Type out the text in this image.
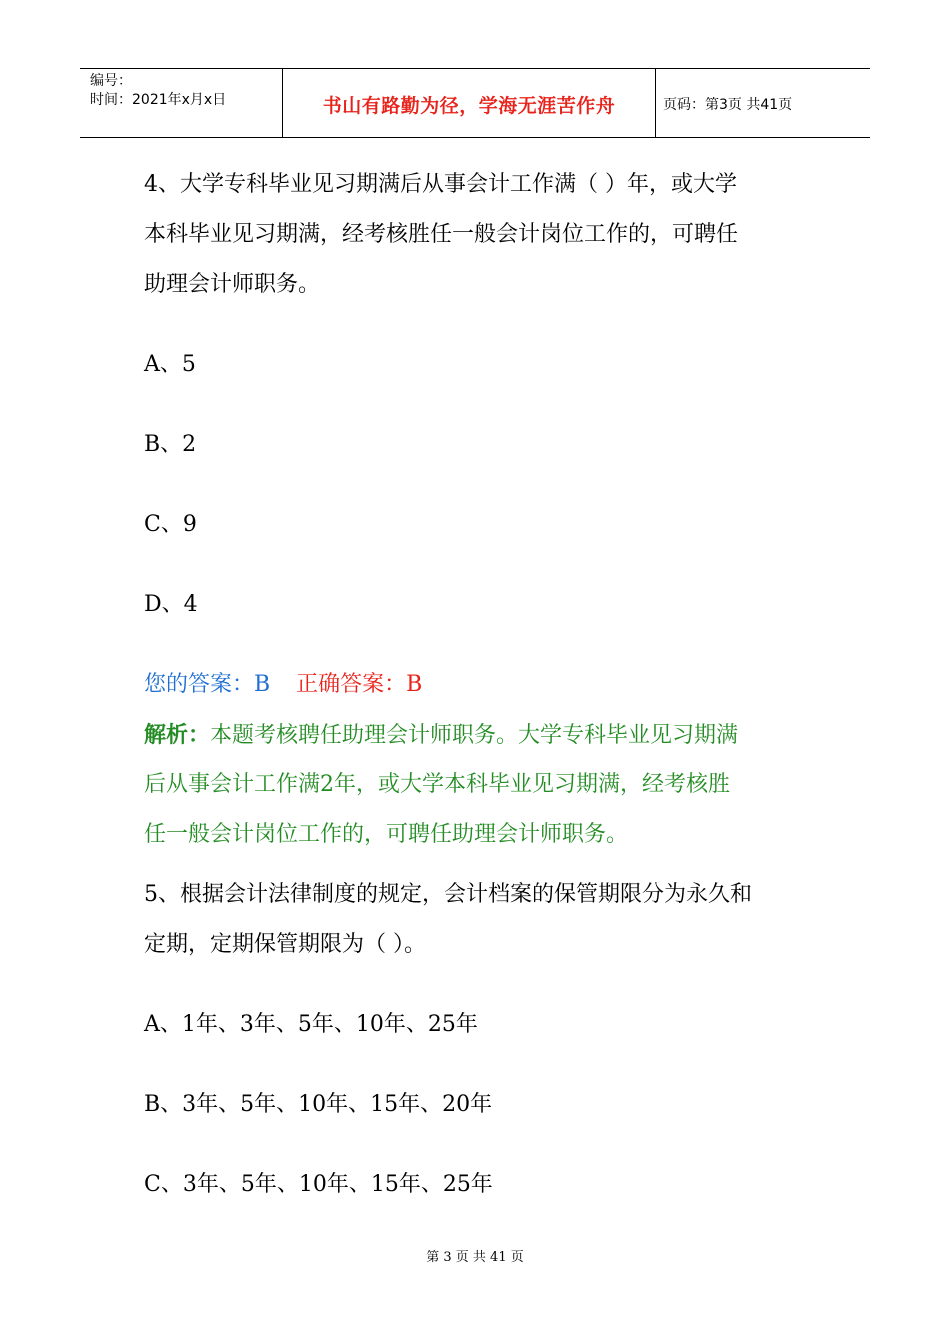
编号：
时间：2021年x月x日	书山有路勤为径，学海无涯苦作舟	页码：第3页 共41页
4、大学专科毕业见习期满后从事会计工作满（ ）年，或大学
本科毕业见习期满，经考核胜任一般会计岗位工作的，可聘任
助理会计师职务。
A、5
B、2
C、9
D、4
您的答案：B 正确答案：B
解析：本题考核聘任助理会计师职务。大学专科毕业见习期满
后从事会计工作满2年，或大学本科毕业见习期满，经考核胜
任一般会计岗位工作的，可聘任助理会计师职务。
5、根据会计法律制度的规定，会计档案的保管期限分为永久和
定期，定期保管期限为（ ）。
A、1年、3年、5年、10年、25年
B、3年、5年、10年、15年、20年
C、3年、5年、10年、15年、25年
第 3 页 共 41 页
